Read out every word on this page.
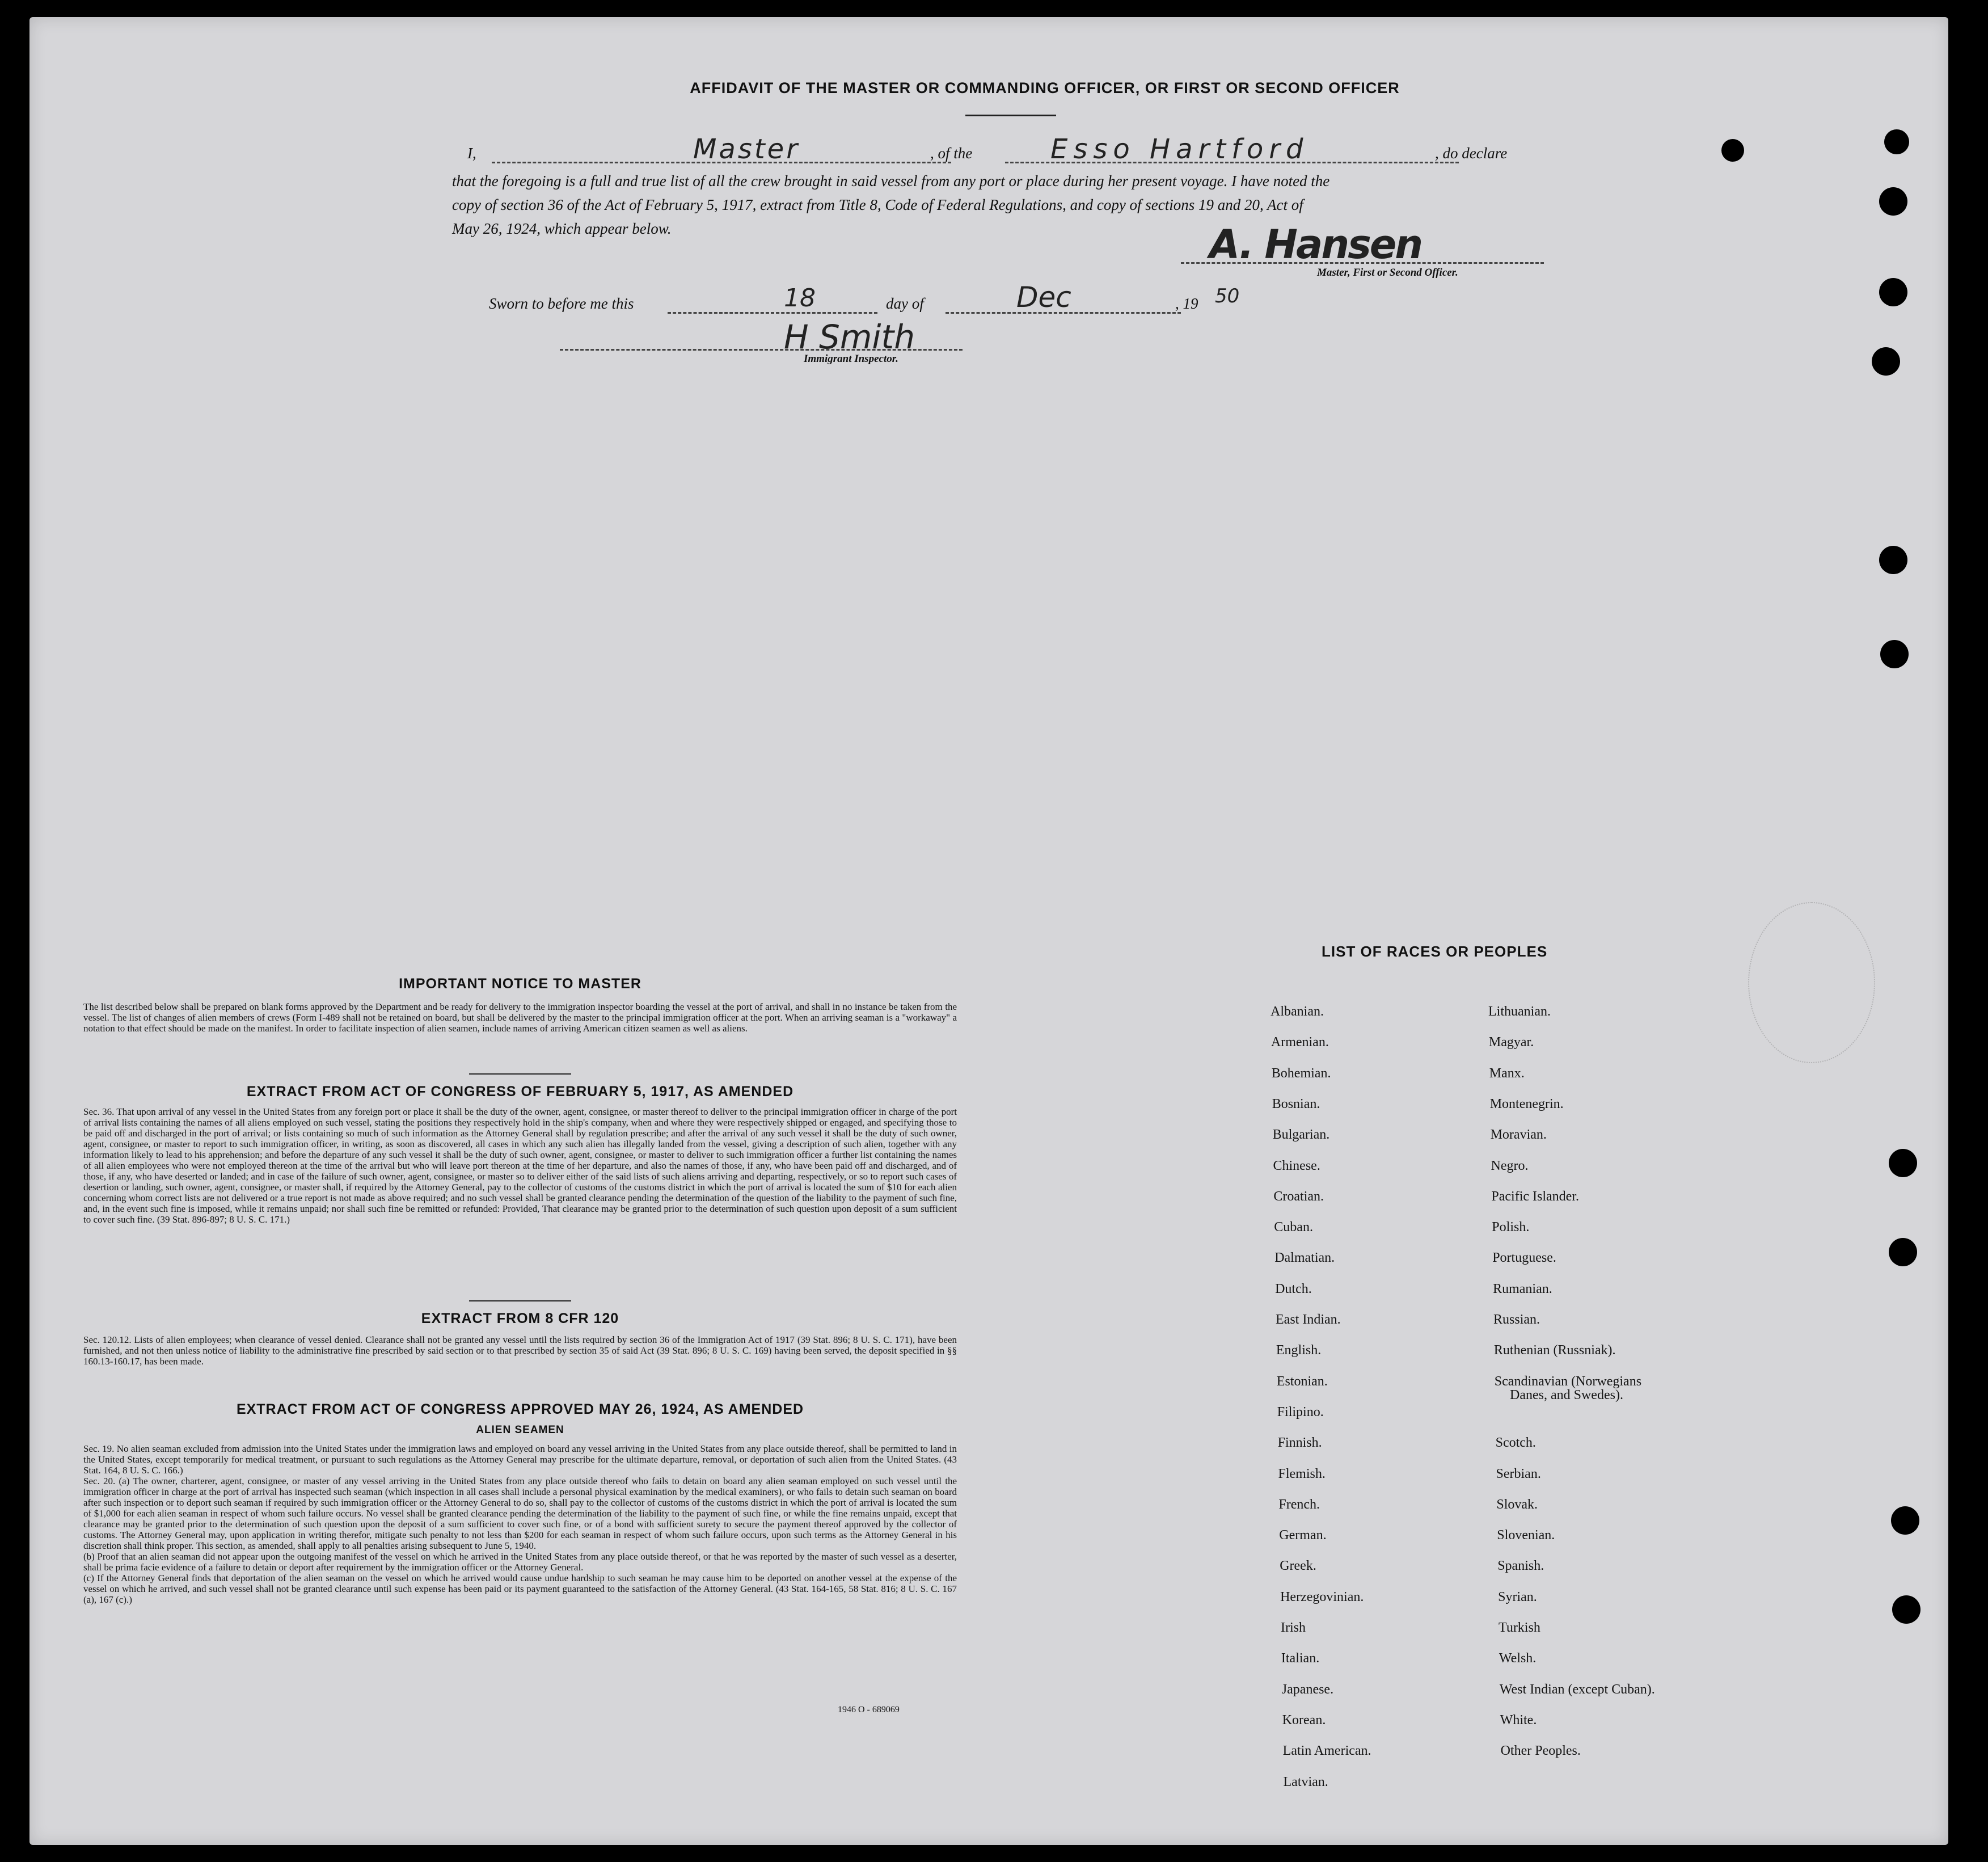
AFFIDAVIT OF THE MASTER OR COMMANDING OFFICER, OR FIRST OR SECOND OFFICER
I,	Master	, of the	Esso Hartford	, do declare
that the foregoing is a full and true list of all the crew brought in said vessel from any port or place during her present voyage. I have noted the
copy of section 36 of the Act of February 5, 1917, extract from Title 8, Code of Federal Regulations, and copy of sections 19 and 20, Act of
May 26, 1924, which appear below.	A. Hansen
Master, First or Second Officer.
Sworn to before me this	18	day of	Dec	, 19 50
H Smith
Immigrant Inspector.
IMPORTANT NOTICE TO MASTER
The list described below shall be prepared on blank forms approved by the Department and be ready for delivery to the immigration inspector boarding the vessel at the port of arrival, and shall in no instance be taken from the vessel. The list of changes of alien members of crews (Form I-489 shall not be retained on board, but shall be delivered by the master to the principal immigration officer at the port. When an arriving seaman is a "workaway" a notation to that effect should be made on the manifest. In order to facilitate inspection of alien seamen, include names of arriving American citizen seamen as well as aliens.
EXTRACT FROM ACT OF CONGRESS OF FEBRUARY 5, 1917, AS AMENDED
Sec. 36. That upon arrival of any vessel in the United States from any foreign port or place it shall be the duty of the owner, agent, consignee, or master thereof to deliver to the principal immigration officer in charge of the port of arrival lists containing the names of all aliens employed on such vessel, stating the positions they respectively hold in the ship's company, when and where they were respectively shipped or engaged, and specifying those to be paid off and discharged in the port of arrival; or lists containing so much of such information as the Attorney General shall by regulation prescribe; and after the arrival of any such vessel it shall be the duty of such owner, agent, consignee, or master to report to such immigration officer, in writing, as soon as discovered, all cases in which any such alien has illegally landed from the vessel, giving a description of such alien, together with any information likely to lead to his apprehension; and before the departure of any such vessel it shall be the duty of such owner, agent, consignee, or master to deliver to such immigration officer a further list containing the names of all alien employees who were not employed thereon at the time of the arrival but who will leave port thereon at the time of her departure, and also the names of those, if any, who have been paid off and discharged, and of those, if any, who have deserted or landed; and in case of the failure of such owner, agent, consignee, or master so to deliver either of the said lists of such aliens arriving and departing, respectively, or so to report such cases of desertion or landing, such owner, agent, consignee, or master shall, if required by the Attorney General, pay to the collector of customs of the customs district in which the port of arrival is located the sum of $10 for each alien concerning whom correct lists are not delivered or a true report is not made as above required; and no such vessel shall be granted clearance pending the determination of the question of the liability to the payment of such fine, and, in the event such fine is imposed, while it remains unpaid; nor shall such fine be remitted or refunded: Provided, That clearance may be granted prior to the determination of such question upon deposit of a sum sufficient to cover such fine. (39 Stat. 896-897; 8 U. S. C. 171.)
EXTRACT FROM 8 CFR 120
Sec. 120.12. Lists of alien employees; when clearance of vessel denied. Clearance shall not be granted any vessel until the lists required by section 36 of the Immigration Act of 1917 (39 Stat. 896; 8 U. S. C. 171), have been furnished, and not then unless notice of liability to the administrative fine prescribed by said section or to that prescribed by section 35 of said Act (39 Stat. 896; 8 U. S. C. 169) having been served, the deposit specified in §§ 160.13-160.17, has been made.
EXTRACT FROM ACT OF CONGRESS APPROVED MAY 26, 1924, AS AMENDED
ALIEN SEAMEN
Sec. 19. No alien seaman excluded from admission into the United States under the immigration laws and employed on board any vessel arriving in the United States from any place outside thereof, shall be permitted to land in the United States, except temporarily for medical treatment, or pursuant to such regulations as the Attorney General may prescribe for the ultimate departure, removal, or deportation of such alien from the United States. (43 Stat. 164, 8 U. S. C. 166.)
Sec. 20. (a) The owner, charterer, agent, consignee, or master of any vessel arriving in the United States from any place outside thereof who fails to detain on board any alien seaman employed on such vessel until the immigration officer in charge at the port of arrival has inspected such seaman (which inspection in all cases shall include a personal physical examination by the medical examiners), or who fails to detain such seaman on board after such inspection or to deport such seaman if required by such immigration officer or the Attorney General to do so, shall pay to the collector of customs of the customs district in which the port of arrival is located the sum of $1,000 for each alien seaman in respect of whom such failure occurs. No vessel shall be granted clearance pending the determination of the liability to the payment of such fine, or while the fine remains unpaid, except that clearance may be granted prior to the determination of such question upon the deposit of a sum sufficient to cover such fine, or of a bond with sufficient surety to secure the payment thereof approved by the collector of customs. The Attorney General may, upon application in writing therefor, mitigate such penalty to not less than $200 for each seaman in respect of whom such failure occurs, upon such terms as the Attorney General in his discretion shall think proper. This section, as amended, shall apply to all penalties arising subsequent to June 5, 1940.
(b) Proof that an alien seaman did not appear upon the outgoing manifest of the vessel on which he arrived in the United States from any place outside thereof, or that he was reported by the master of such vessel as a deserter, shall be prima facie evidence of a failure to detain or deport after requirement by the immigration officer or the Attorney General.
(c) If the Attorney General finds that deportation of the alien seaman on the vessel on which he arrived would cause undue hardship to such seaman he may cause him to be deported on another vessel at the expense of the vessel on which he arrived, and such vessel shall not be granted clearance until such expense has been paid or its payment guaranteed to the satisfaction of the Attorney General. (43 Stat. 164-165, 58 Stat. 816; 8 U. S. C. 167 (a), 167 (c).)
1946 O - 689069
LIST OF RACES OR PEOPLES
Albanian.
Armenian.
Bohemian.
Bosnian.
Bulgarian.
Chinese.
Croatian.
Cuban.
Dalmatian.
Dutch.
East Indian.
English.
Estonian.
Filipino.
Finnish.
Flemish.
French.
German.
Greek.
Herzegovinian.
Irish
Italian.
Japanese.
Korean.
Latin American.
Latvian.
Lithuanian.
Magyar.
Manx.
Montenegrin.
Moravian.
Negro.
Pacific Islander.
Polish.
Portuguese.
Rumanian.
Russian.
Ruthenian (Russniak).
Scandinavian (Norwegians
Danes, and Swedes).
Scotch.
Serbian.
Slovak.
Slovenian.
Spanish.
Syrian.
Turkish
Welsh.
West Indian (except Cuban).
White.
Other Peoples.
